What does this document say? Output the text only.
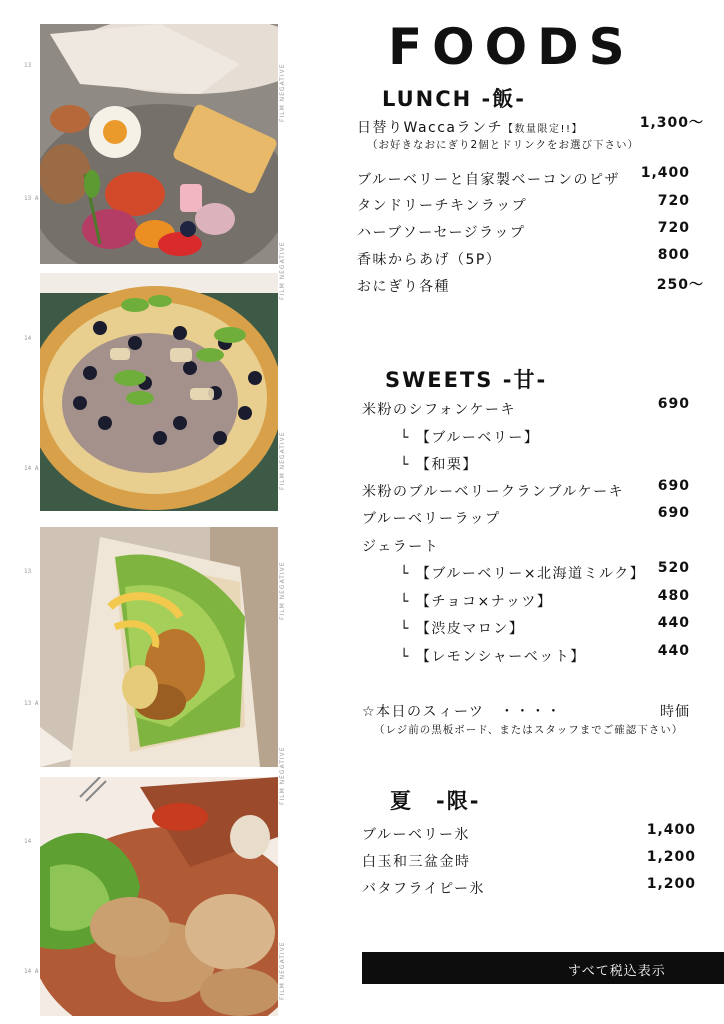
13
13 A
14
14 A
13
13 A
14
14 A
FILM NEGATIVE
FILM NEGATIVE
FILM NEGATIVE
FILM NEGATIVE
FILM NEGATIVE
FILM NEGATIVE
FOODS
LUNCH -飯-
日替りWaccaランチ【数量限定!!】	1,300～
（お好きなおにぎり2個とドリンクをお選び下さい）
ブルーベリーと自家製ベーコンのピザ 1,400
タンドリーチキンラップ	720
ハーブソーセージラップ	720
香味からあげ（5P）	800
おにぎり各種	250～
SWEETS -甘-
米粉のシフォンケーキ	690
└ 【ブルーベリー】
└ 【和栗】
米粉のブルーベリークランブルケーキ 690
ブルーベリーラップ	690
ジェラート
└ 【ブルーベリー×北海道ミルク】 520
└ 【チョコ×ナッツ】	480
└ 【渋皮マロン】	440
└ 【レモンシャーベット】	440
☆本日のスィーツ　・・・・	時価
（レジ前の黒板ボード、またはスタッフまでご確認下さい）
夏　-限-
ブルーベリー氷	1,400
白玉和三盆金時	1,200
バタフライピー氷	1,200
すべて税込表示
